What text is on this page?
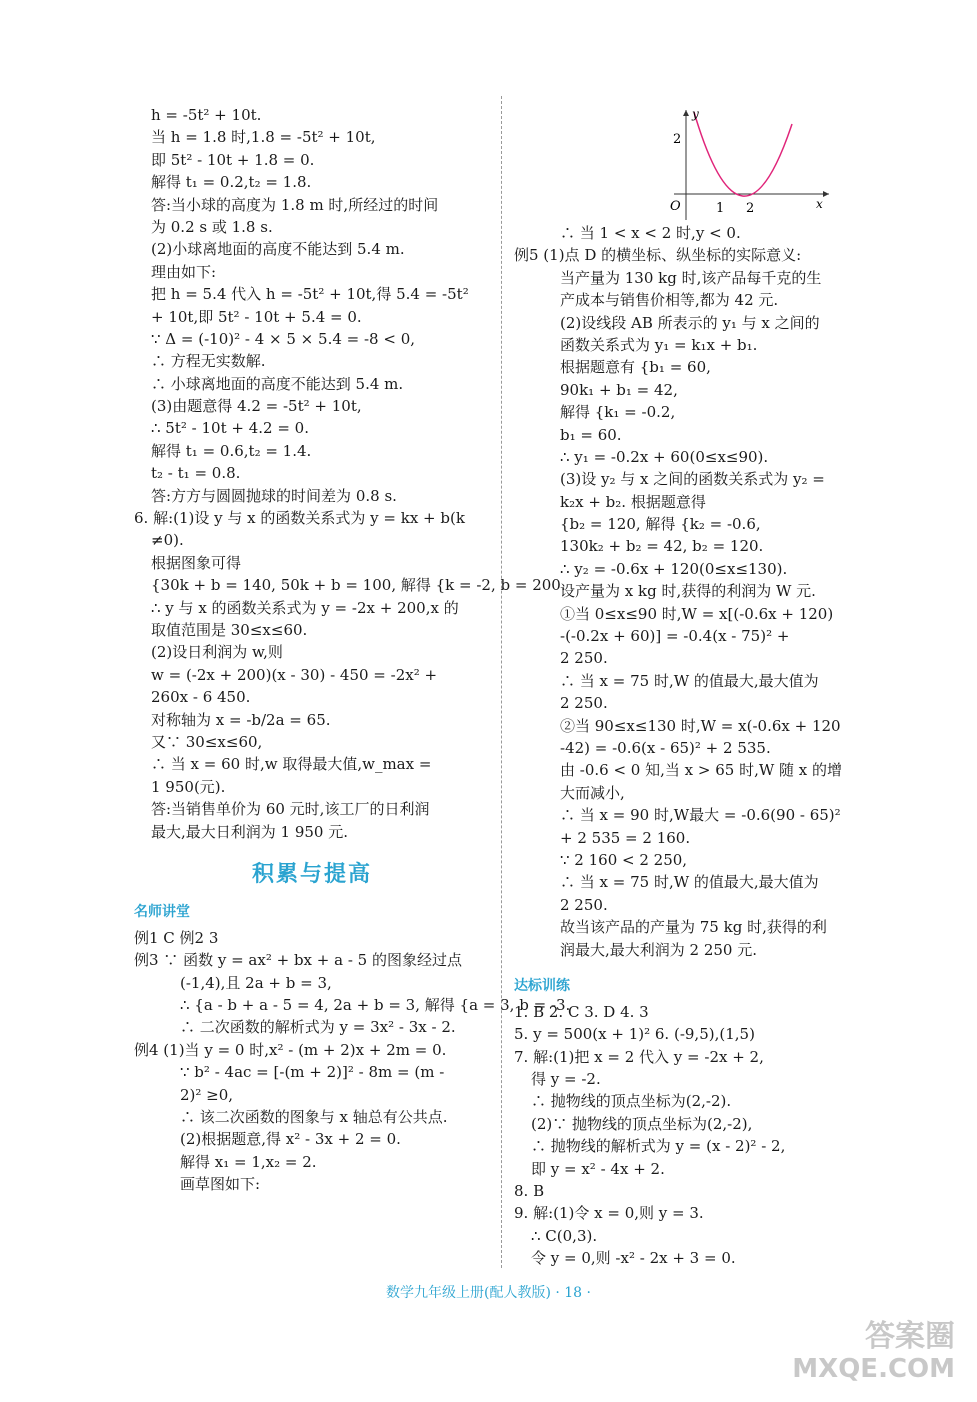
h = -5t² + 10t.
当 h = 1.8 时,1.8 = -5t² + 10t,
即 5t² - 10t + 1.8 = 0.
解得 t₁ = 0.2,t₂ = 1.8.
答:当小球的高度为 1.8 m 时,所经过的时间
为 0.2 s 或 1.8 s.
(2)小球离地面的高度不能达到 5.4 m.
理由如下:
把 h = 5.4 代入 h = -5t² + 10t,得 5.4 = -5t²
+ 10t,即 5t² - 10t + 5.4 = 0.
∵ Δ = (-10)² - 4 × 5 × 5.4 = -8 < 0,
∴ 方程无实数解.
∴ 小球离地面的高度不能达到 5.4 m.
(3)由题意得 4.2 = -5t² + 10t,
∴ 5t² - 10t + 4.2 = 0.
解得 t₁ = 0.6,t₂ = 1.4.
t₂ - t₁ = 0.8.
答:方方与圆圆抛球的时间差为 0.8 s.
6. 解:(1)设 y 与 x 的函数关系式为 y = kx + b(k
≠0).
根据图象可得
{30k + b = 140, 50k + b = 100, 解得 {k = -2, b = 200.
∴ y 与 x 的函数关系式为 y = -2x + 200,x 的
取值范围是 30≤x≤60.
(2)设日利润为 w,则
w = (-2x + 200)(x - 30) - 450 = -2x² +
260x - 6 450.
对称轴为 x = -b/2a = 65.
又∵ 30≤x≤60,
∴ 当 x = 60 时,w 取得最大值,w_max =
1 950(元).
答:当销售单价为 60 元时,该工厂的日利润
最大,最大日利润为 1 950 元.
积累与提高
名师讲堂
例1 C 例2 3
例3 ∵ 函数 y = ax² + bx + a - 5 的图象经过点
(-1,4),且 2a + b = 3,
∴ {a - b + a - 5 = 4, 2a + b = 3, 解得 {a = 3, b = -3.
∴ 二次函数的解析式为 y = 3x² - 3x - 2.
例4 (1)当 y = 0 时,x² - (m + 2)x + 2m = 0.
∵ b² - 4ac = [-(m + 2)]² - 8m = (m -
2)² ≥0,
∴ 该二次函数的图象与 x 轴总有公共点.
(2)根据题意,得 x² - 3x + 2 = 0.
解得 x₁ = 1,x₂ = 2.
画草图如下:
y
x
O
2
1 2
∴ 当 1 < x < 2 时,y < 0.
例5 (1)点 D 的横坐标、纵坐标的实际意义:
当产量为 130 kg 时,该产品每千克的生
产成本与销售价相等,都为 42 元.
(2)设线段 AB 所表示的 y₁ 与 x 之间的
函数关系式为 y₁ = k₁x + b₁.
根据题意有 {b₁ = 60,
90k₁ + b₁ = 42,
解得 {k₁ = -0.2,
b₁ = 60.
∴ y₁ = -0.2x + 60(0≤x≤90).
(3)设 y₂ 与 x 之间的函数关系式为 y₂ =
k₂x + b₂. 根据题意得
{b₂ = 120, 解得 {k₂ = -0.6,
130k₂ + b₂ = 42, b₂ = 120.
∴ y₂ = -0.6x + 120(0≤x≤130).
设产量为 x kg 时,获得的利润为 W 元.
①当 0≤x≤90 时,W = x[(-0.6x + 120)
-(-0.2x + 60)] = -0.4(x - 75)² +
2 250.
∴ 当 x = 75 时,W 的值最大,最大值为
2 250.
②当 90≤x≤130 时,W = x(-0.6x + 120
-42) = -0.6(x - 65)² + 2 535.
由 -0.6 < 0 知,当 x > 65 时,W 随 x 的增
大而减小,
∴ 当 x = 90 时,W最大 = -0.6(90 - 65)²
+ 2 535 = 2 160.
∵ 2 160 < 2 250,
∴ 当 x = 75 时,W 的值最大,最大值为
2 250.
故当该产品的产量为 75 kg 时,获得的利
润最大,最大利润为 2 250 元.
达标训练
1. B 2. C 3. D 4. 3
5. y = 500(x + 1)² 6. (-9,5),(1,5)
7. 解:(1)把 x = 2 代入 y = -2x + 2,
得 y = -2.
∴ 抛物线的顶点坐标为(2,-2).
(2)∵ 抛物线的顶点坐标为(2,-2),
∴ 抛物线的解析式为 y = (x - 2)² - 2,
即 y = x² - 4x + 2.
8. B
9. 解:(1)令 x = 0,则 y = 3.
∴ C(0,3).
令 y = 0,则 -x² - 2x + 3 = 0.
数学九年级上册(配人教版) · 18 ·
答案圈
MXQE.COM
